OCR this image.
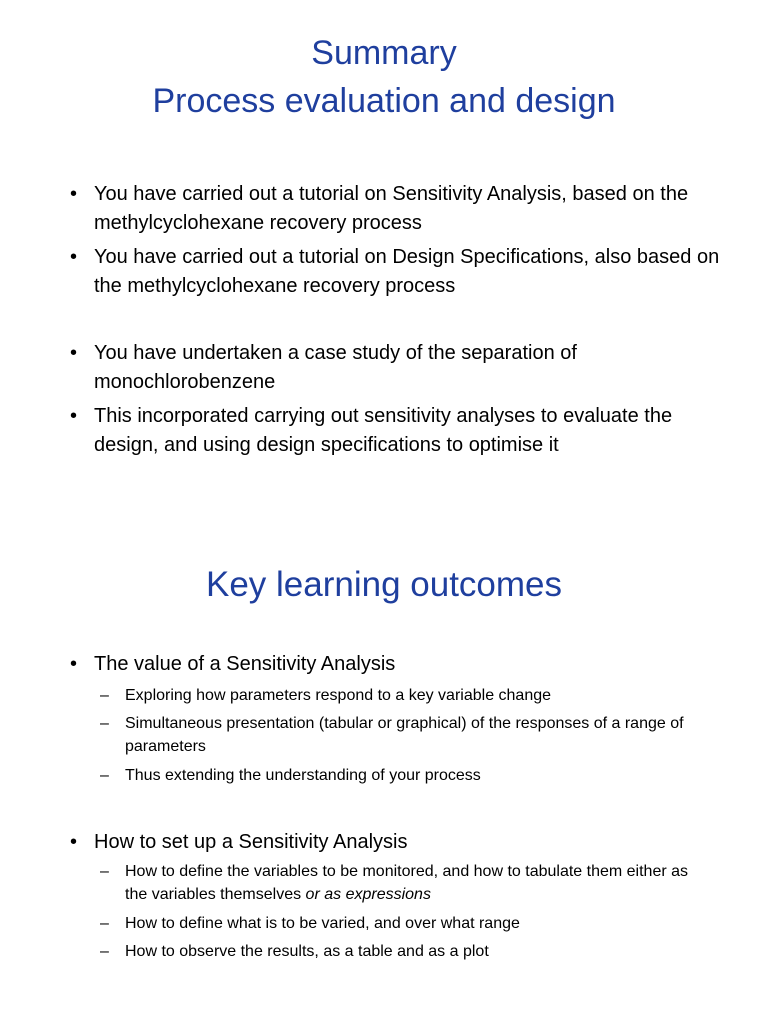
Summary
Process evaluation and design
• You have carried out a tutorial on Sensitivity Analysis, based on the methylcyclohexane recovery process
• You have carried out a tutorial on Design Specifications, also based on the methylcyclohexane recovery process
• You have undertaken a case study of the separation of monochlorobenzene
• This incorporated carrying out sensitivity analyses to evaluate the design, and using design specifications to optimise it
Key learning outcomes
• The value of a Sensitivity Analysis
–	Exploring how parameters respond to a key variable change
–	Simultaneous presentation (tabular or graphical) of the responses of a range of parameters
–	Thus extending the understanding of your process
• How to set up a Sensitivity Analysis
–	How to define the variables to be monitored, and how to tabulate them either as the variables themselves or as expressions
–	How to define what is to be varied, and over what range
–	How to observe the results, as a table and as a plot
